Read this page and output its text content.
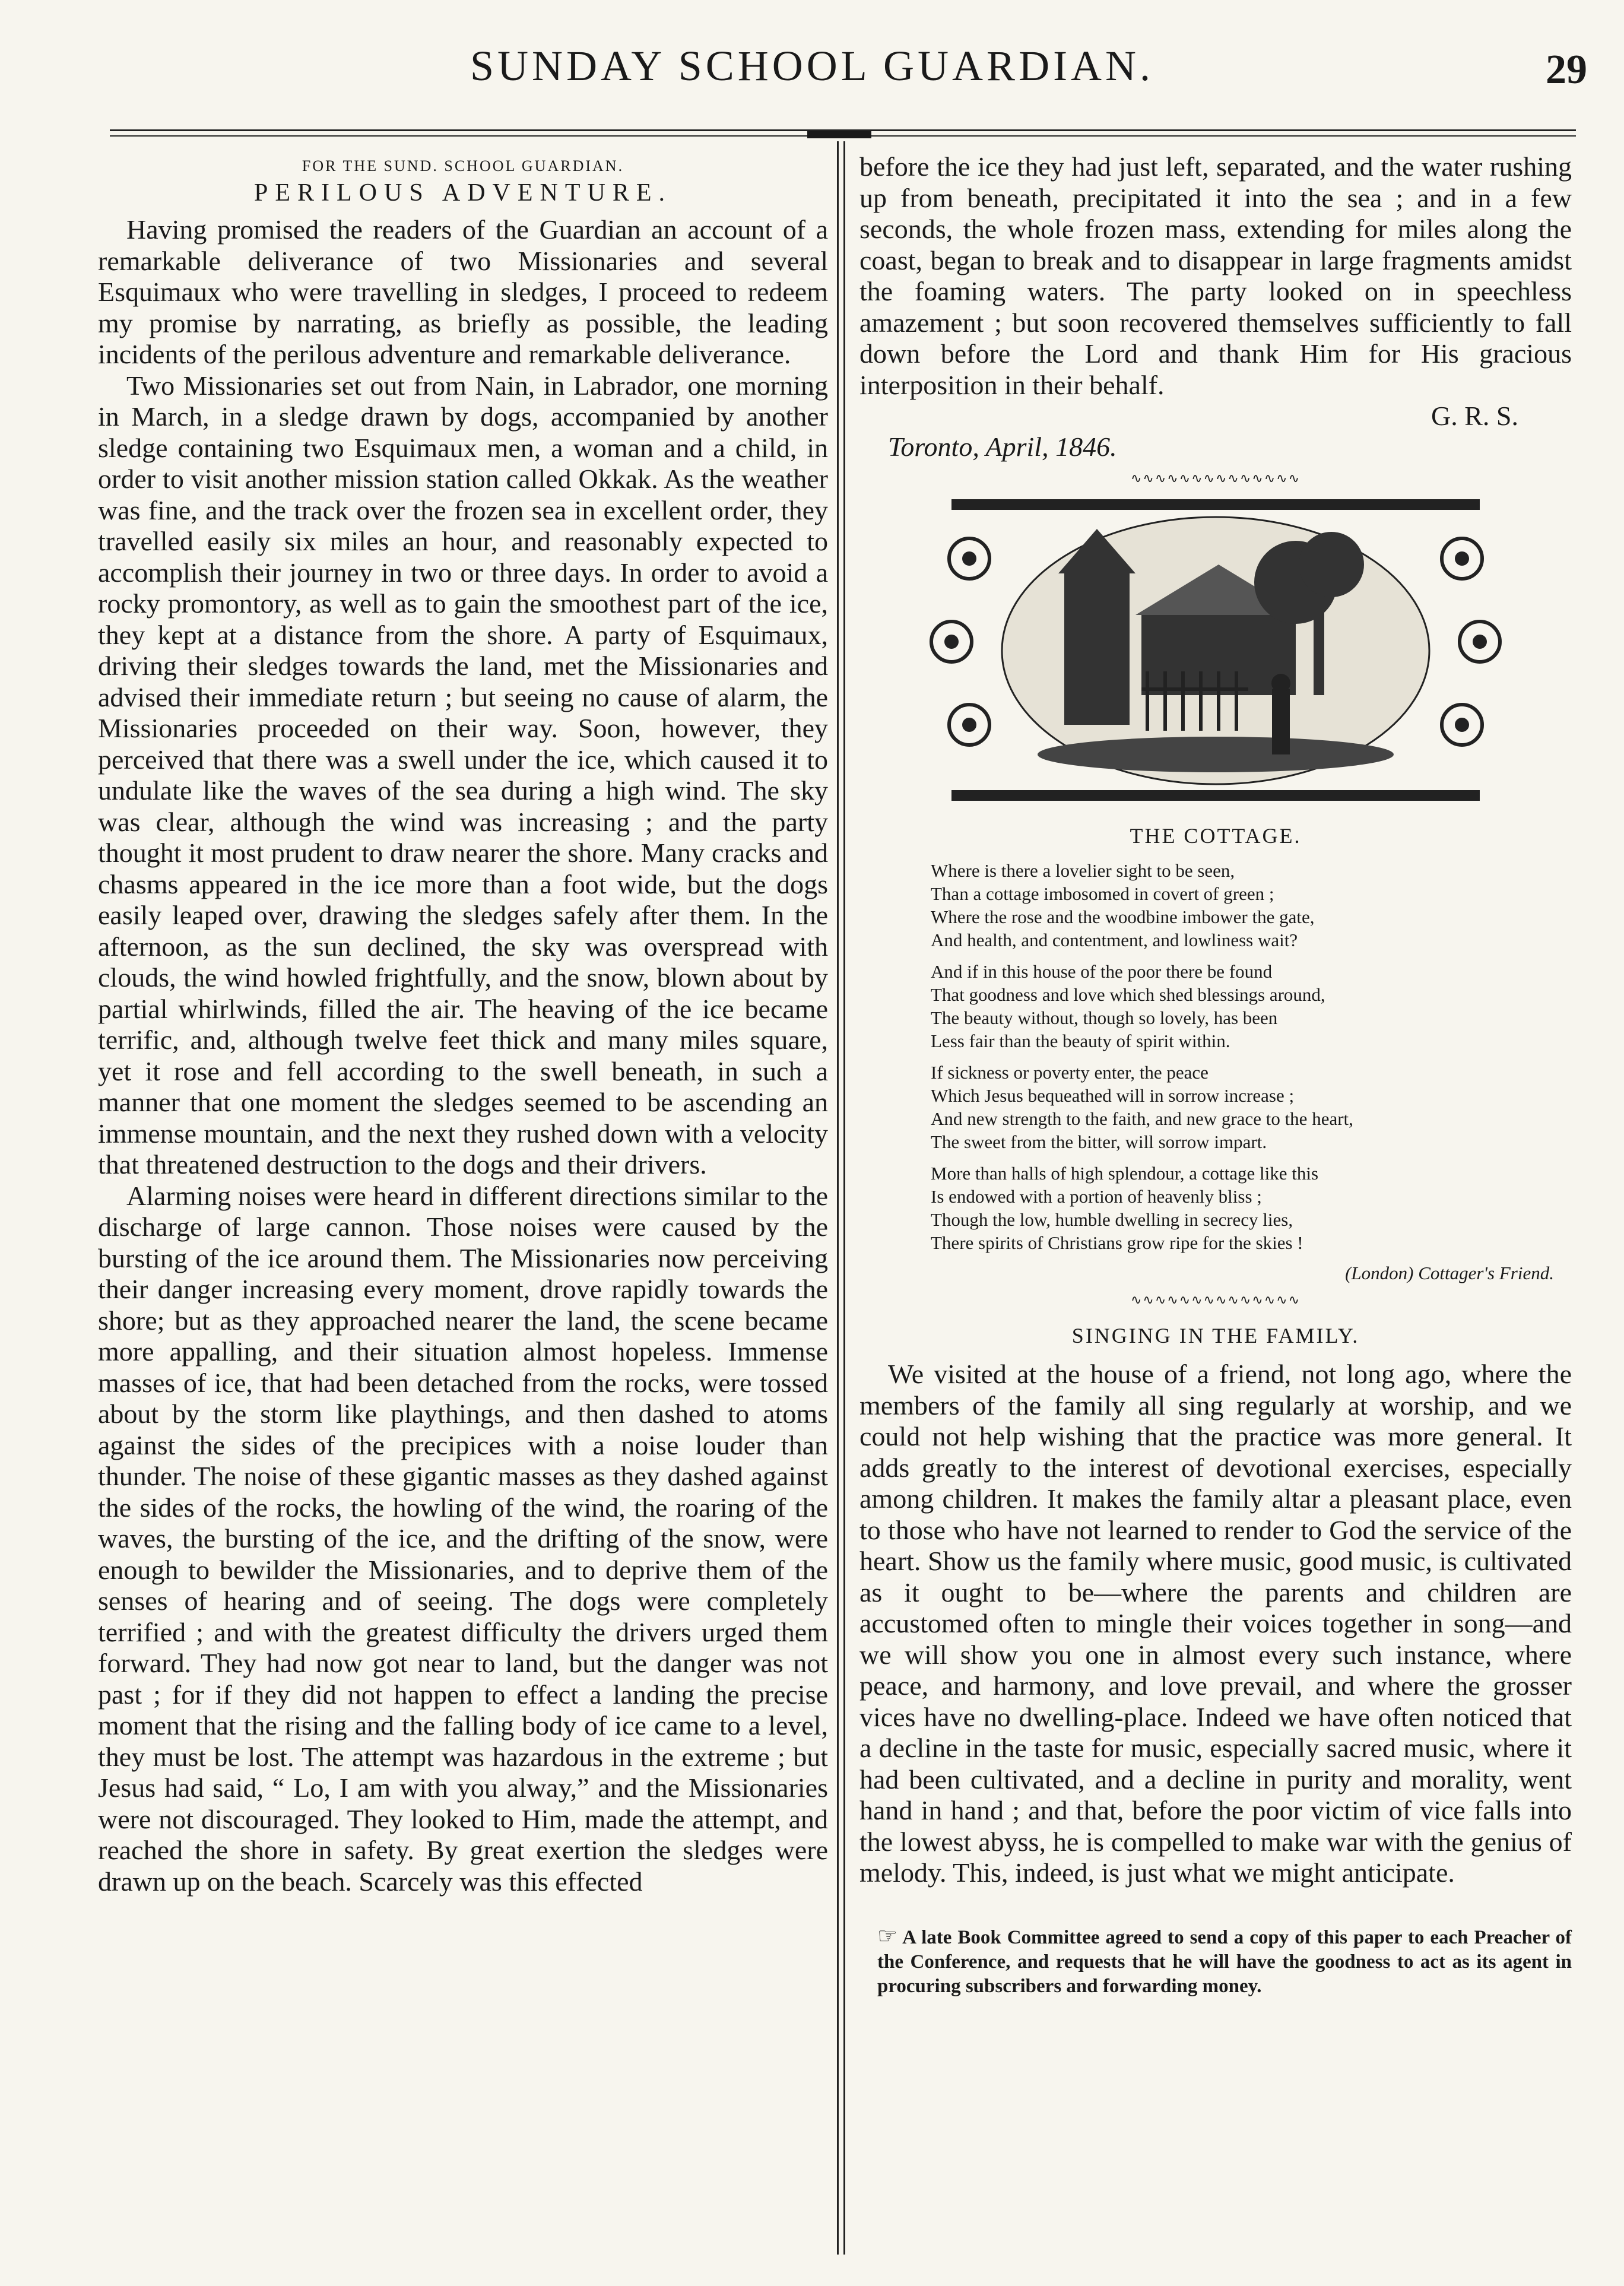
SUNDAY SCHOOL GUARDIAN.	29
▬▬▬
FOR THE SUND. SCHOOL GUARDIAN.
PERILOUS ADVENTURE.

Having promised the readers of the Guardian an account of a remarkable deliverance of two Missionaries and several Esquimaux who were travelling in sledges, I proceed to redeem my promise by narrating, as briefly as possible, the leading incidents of the perilous adventure and remarkable deliverance.

Two Missionaries set out from Nain, in Labrador, one morning in March, in a sledge drawn by dogs, accompanied by another sledge containing two Esquimaux men, a woman and a child, in order to visit another mission station called Okkak. As the weather was fine, and the track over the frozen sea in excellent order, they travelled easily six miles an hour, and reasonably expected to accomplish their journey in two or three days. In order to avoid a rocky promontory, as well as to gain the smoothest part of the ice, they kept at a distance from the shore. A party of Esquimaux, driving their sledges towards the land, met the Missionaries and advised their immediate return ; but seeing no cause of alarm, the Missionaries proceeded on their way. Soon, however, they perceived that there was a swell under the ice, which caused it to undulate like the waves of the sea during a high wind. The sky was clear, although the wind was increasing ; and the party thought it most prudent to draw nearer the shore. Many cracks and chasms appeared in the ice more than a foot wide, but the dogs easily leaped over, drawing the sledges safely after them. In the afternoon, as the sun declined, the sky was overspread with clouds, the wind howled frightfully, and the snow, blown about by partial whirlwinds, filled the air. The heaving of the ice became terrific, and, although twelve feet thick and many miles square, yet it rose and fell according to the swell beneath, in such a manner that one moment the sledges seemed to be ascending an immense mountain, and the next they rushed down with a velocity that threatened destruction to the dogs and their drivers.

Alarming noises were heard in different directions similar to the discharge of large cannon. Those noises were caused by the bursting of the ice around them. The Missionaries now perceiving their danger increasing every moment, drove rapidly towards the shore; but as they approached nearer the land, the scene became more appalling, and their situation almost hopeless. Immense masses of ice, that had been detached from the rocks, were tossed about by the storm like playthings, and then dashed to atoms against the sides of the precipices with a noise louder than thunder. The noise of these gigantic masses as they dashed against the sides of the rocks, the howling of the wind, the roaring of the waves, the bursting of the ice, and the drifting of the snow, were enough to bewilder the Missionaries, and to deprive them of the senses of hearing and of seeing. The dogs were completely terrified ; and with the greatest difficulty the drivers urged them forward. They had now got near to land, but the danger was not past ; for if they did not happen to effect a landing the precise moment that the rising and the falling body of ice came to a level, they must be lost. The attempt was hazardous in the extreme ; but Jesus had said, “ Lo, I am with you alway,” and the Missionaries were not discouraged. They looked to Him, made the attempt, and reached the shore in safety. By great exertion the sledges were drawn up on the beach. Scarcely was this effected

before the ice they had just left, separated, and the water rushing up from beneath, precipitated it into the sea ; and in a few seconds, the whole frozen mass, extending for miles along the coast, began to break and to disappear in large fragments amidst the foaming waters. The party looked on in speechless amazement ; but soon recovered themselves sufficiently to fall down before the Lord and thank Him for His gracious interposition in their behalf.

G. R. S.

Toronto, April, 1846.

∿∿∿∿∿∿∿∿∿∿∿∿∿∿
THE COTTAGE.
Where is there a lovelier sight to be seen,
Than a cottage imbosomed in covert of green ;
Where the rose and the woodbine imbower the gate,
And health, and contentment, and lowliness wait?
And if in this house of the poor there be found
That goodness and love which shed blessings around,
The beauty without, though so lovely, has been
Less fair than the beauty of spirit within.
If sickness or poverty enter, the peace
Which Jesus bequeathed will in sorrow increase ;
And new strength to the faith, and new grace to the heart,
The sweet from the bitter, will sorrow impart.
More than halls of high splendour, a cottage like this
Is endowed with a portion of heavenly bliss ;
Though the low, humble dwelling in secrecy lies,
There spirits of Christians grow ripe for the skies !
(London) Cottager's Friend.
∿∿∿∿∿∿∿∿∿∿∿∿∿∿
SINGING IN THE FAMILY.

We visited at the house of a friend, not long ago, where the members of the family all sing regularly at worship, and we could not help wishing that the practice was more general. It adds greatly to the interest of devotional exercises, especially among children. It makes the family altar a pleasant place, even to those who have not learned to render to God the service of the heart. Show us the family where music, good music, is cultivated as it ought to be—where the parents and children are accustomed often to mingle their voices together in song—and we will show you one in almost every such instance, where peace, and harmony, and love prevail, and where the grosser vices have no dwelling-place. Indeed we have often noticed that a decline in the taste for music, especially sacred music, where it had been cultivated, and a decline in purity and morality, went hand in hand ; and that, before the poor victim of vice falls into the lowest abyss, he is compelled to make war with the genius of melody. This, indeed, is just what we might anticipate.

☞ A late Book Committee agreed to send a copy of this paper to each Preacher of the Conference, and requests that he will have the goodness to act as its agent in procuring subscribers and forwarding money.
